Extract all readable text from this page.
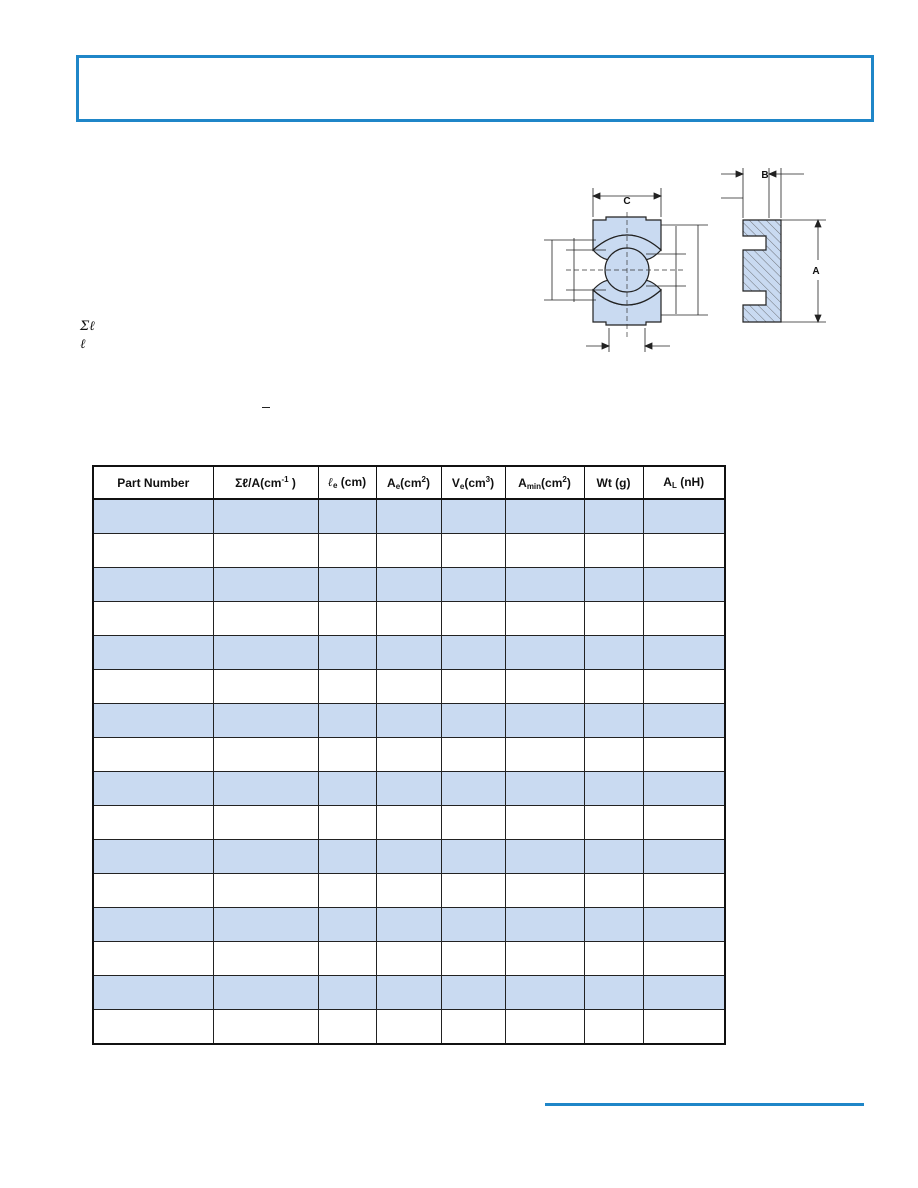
Σℓ
ℓ
C
B
A
Part Number	$\Sigma\ell/A(cm^{-1}$ )	ℓ$_e$ (cm)	$A_e(cm^2)$	$V_e(cm^3)$	$A_{min}(cm^2)$	Wt (g)	$A_L$ (nH)
